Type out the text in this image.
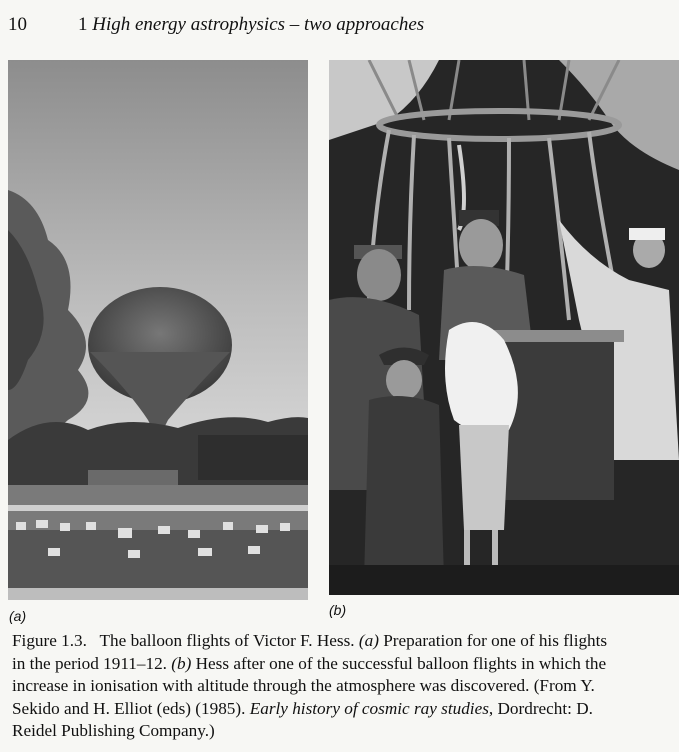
10	1 High energy astrophysics – two approaches
(a)	(b)
Figure 1.3. The balloon flights of Victor F. Hess. (a) Preparation for one of his flights
in the period 1911–12. (b) Hess after one of the successful balloon flights in which the
increase in ionisation with altitude through the atmosphere was discovered. (From Y.
Sekido and H. Elliot (eds) (1985). Early history of cosmic ray studies, Dordrecht: D.
Reidel Publishing Company.)
